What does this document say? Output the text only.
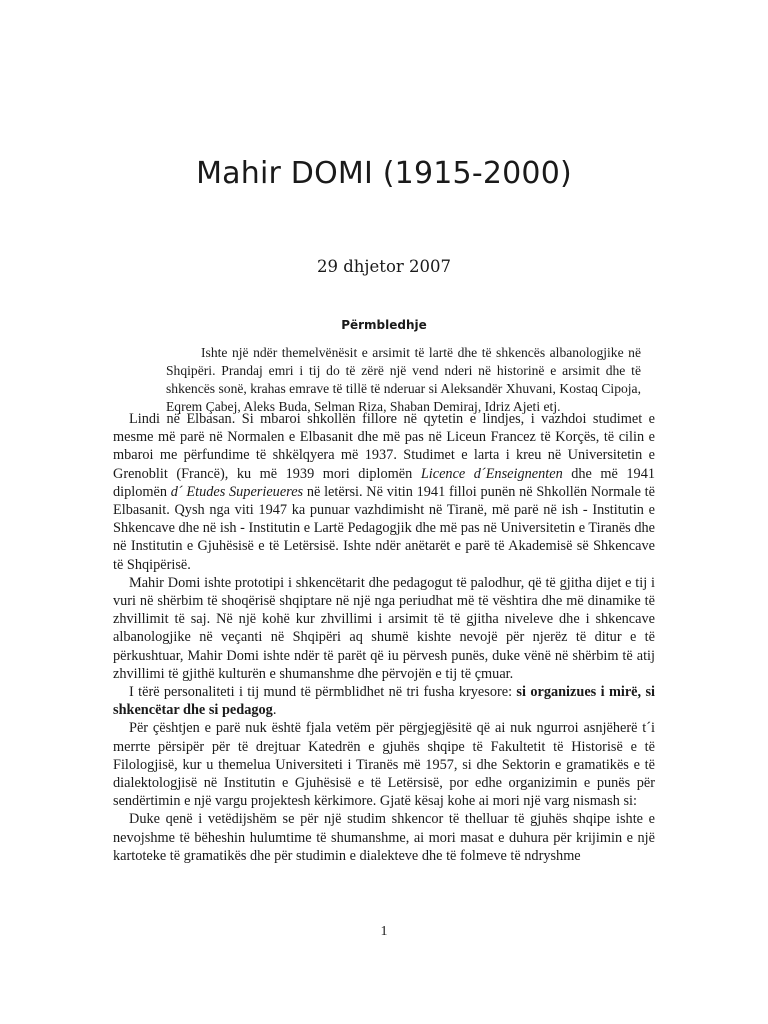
Mahir DOMI (1915-2000)
29 dhjetor 2007
Përmbledhje

Ishte një ndër themelvënësit e arsimit të lartë dhe të shkencës albanologjike në Shqipëri. Prandaj emri i tij do të zërë një vend nderi në historinë e arsimit dhe të shkencës sonë, krahas emrave të tillë të nderuar si Aleksandër Xhuvani, Kostaq Cipoja, Eqrem Çabej, Aleks Buda, Selman Riza, Shaban Demiraj, Idriz Ajeti etj.

Lindi në Elbasan. Si mbaroi shkollën fillore në qytetin e lindjes, i vazhdoi studimet e mesme më parë në Normalen e Elbasanit dhe më pas në Liceun Francez të Korçës, të cilin e mbaroi me përfundime të shkëlqyera më 1937. Studimet e larta i kreu në Universitetin e Grenoblit (Francë), ku më 1939 mori diplomën Licence d´Enseignenten dhe më 1941 diplomën d´ Etudes Superieueres në letërsi. Në vitin 1941 filloi punën në Shkollën Normale të Elbasanit. Qysh nga viti 1947 ka punuar vazhdimisht në Tiranë, më parë në ish - Institutin e Shkencave dhe në ish - Institutin e Lartë Pedagogjik dhe më pas në Universitetin e Tiranës dhe në Institutin e Gjuhësisë e të Letërsisë. Ishte ndër anëtarët e parë të Akademisë së Shkencave të Shqipërisë.

Mahir Domi ishte prototipi i shkencëtarit dhe pedagogut të palodhur, që të gjitha dijet e tij i vuri në shërbim të shoqërisë shqiptare në një nga periudhat më të vështira dhe më dinamike të zhvillimit të saj. Në një kohë kur zhvillimi i arsimit të të gjitha niveleve dhe i shkencave albanologjike në veçanti në Shqipëri aq shumë kishte nevojë për njerëz të ditur e të përkushtuar, Mahir Domi ishte ndër të parët që iu përvesh punës, duke vënë në shërbim të atij zhvillimi të gjithë kulturën e shumanshme dhe përvojën e tij të çmuar.

I tërë personaliteti i tij mund të përmblidhet në tri fusha kryesore: si organizues i mirë, si shkencëtar dhe si pedagog.

Për çështjen e parë nuk është fjala vetëm për përgjegjësitë që ai nuk ngurroi asnjëherë t´i merrte përsipër për të drejtuar Katedrën e gjuhës shqipe të Fakultetit të Historisë e të Filologjisë, kur u themelua Universiteti i Tiranës më 1957, si dhe Sektorin e gramatikës e të dialektologjisë në Institutin e Gjuhësisë e të Letërsisë, por edhe organizimin e punës për sendërtimin e një vargu projektesh kërkimore. Gjatë kësaj kohe ai mori një varg nismash si:

Duke qenë i vetëdijshëm se për një studim shkencor të thelluar të gjuhës shqipe ishte e nevojshme të bëheshin hulumtime të shumanshme, ai mori masat e duhura për krijimin e një kartoteke të gramatikës dhe për studimin e dialekteve dhe të folmeve të ndryshme

1
